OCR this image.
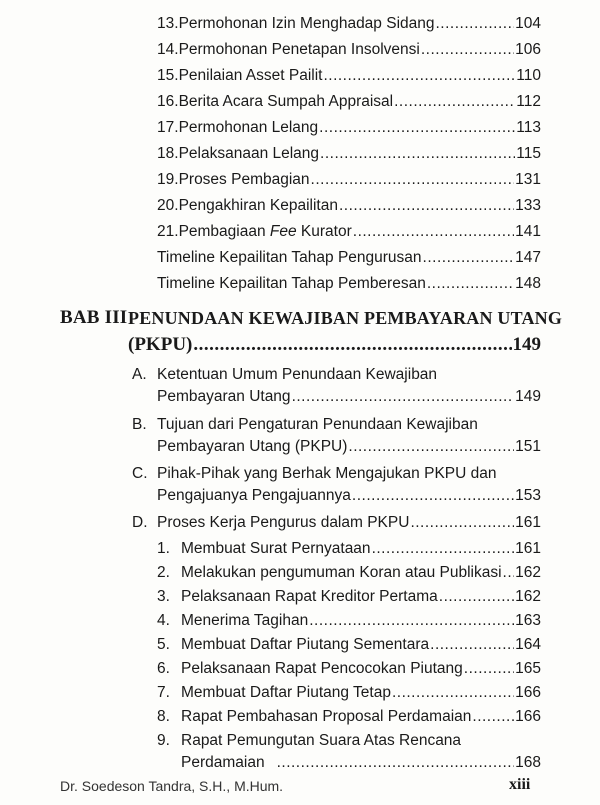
13. Permohonan Izin Menghadap Sidang .....	104
14. Permohonan Penetapan Insolvensi .....	106
15. Penilaian Asset Pailit .....	110
16. Berita Acara Sumpah Appraisal .....	112
17. Permohonan Lelang .....	113
18. Pelaksanaan Lelang .....	115
19. Proses Pembagian .....	131
20. Pengakhiran Kepailitan .....	133
21. Pembagiaan Fee Kurator .....	141
Timeline Kepailitan Tahap Pengurusan .....	147
Timeline Kepailitan Tahap Pemberesan .....	148
BAB III PENUNDAAN KEWAJIBAN PEMBAYARAN UTANG
(PKPU) .....	149
A. Ketentuan Umum Penundaan Kewajiban
Pembayaran Utang .....	149
B. Tujuan dari Pengaturan Penundaan Kewajiban
Pembayaran Utang (PKPU) .....	151
C. Pihak-Pihak yang Berhak Mengajukan PKPU dan
Pengajuanya Pengajuannya .....	153
D. Proses Kerja Pengurus dalam PKPU .....	161
1. Membuat Surat Pernyataan .....	161
2. Melakukan pengumuman Koran atau Publikasi ..... 162
3. Pelaksanaan Rapat Kreditor Pertama .....	162
4. Menerima Tagihan .....	163
5. Membuat Daftar Piutang Sementara .....	164
6. Pelaksanaan Rapat Pencocokan Piutang .....	165
7. Membuat Daftar Piutang Tetap .....	166
8. Rapat Pembahasan Proposal Perdamaian .....	166
9. Rapat Pemungutan Suara Atas Rencana
Perdamaian .....	168
Dr. Soedeson Tandra, S.H., M.Hum.	xiii
